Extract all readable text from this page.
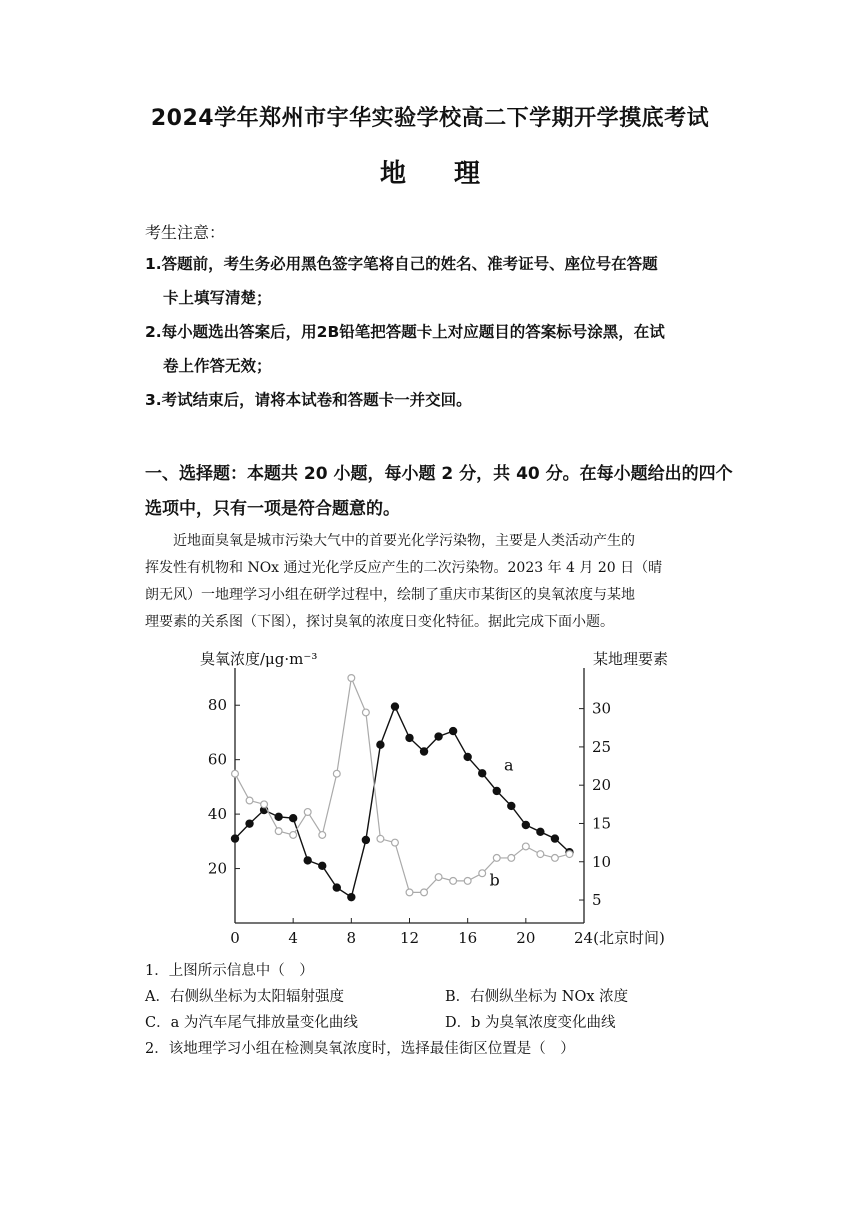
2024学年郑州市宇华实验学校高二下学期开学摸底考试
地理
考生注意：
1.答题前，考生务必用黑色签字笔将自己的姓名、准考证号、座位号在答题
卡上填写清楚；
2.每小题选出答案后，用2B铅笔把答题卡上对应题目的答案标号涂黑，在试
卷上作答无效；
3.考试结束后，请将本试卷和答题卡一并交回。
一、选择题：本题共 20 小题，每小题 2 分，共 40 分。在每小题给出的四个
选项中，只有一项是符合题意的。
近地面臭氧是城市污染大气中的首要光化学污染物，主要是人类活动产生的

挥发性有机物和 NOx 通过光化学反应产生的二次污染物。2023 年 4 月 20 日（晴
朗无风）一地理学习小组在研学过程中，绘制了重庆市某街区的臭氧浓度与某地
理要素的关系图（下图），探讨臭氧的浓度日变化特征。据此完成下面小题。
臭氧浓度/μg·m⁻³	某地理要素
0	4	8	12	16	20	24(北京时间)
20
40
60
80
5
10
15
20
25
30
a
b
1．上图所示信息中（　）
A．右侧纵坐标为太阳辐射强度	B．右侧纵坐标为 NOx 浓度
C．a 为汽车尾气排放量变化曲线	D．b 为臭氧浓度变化曲线
2．该地理学习小组在检测臭氧浓度时，选择最佳街区位置是（　）
